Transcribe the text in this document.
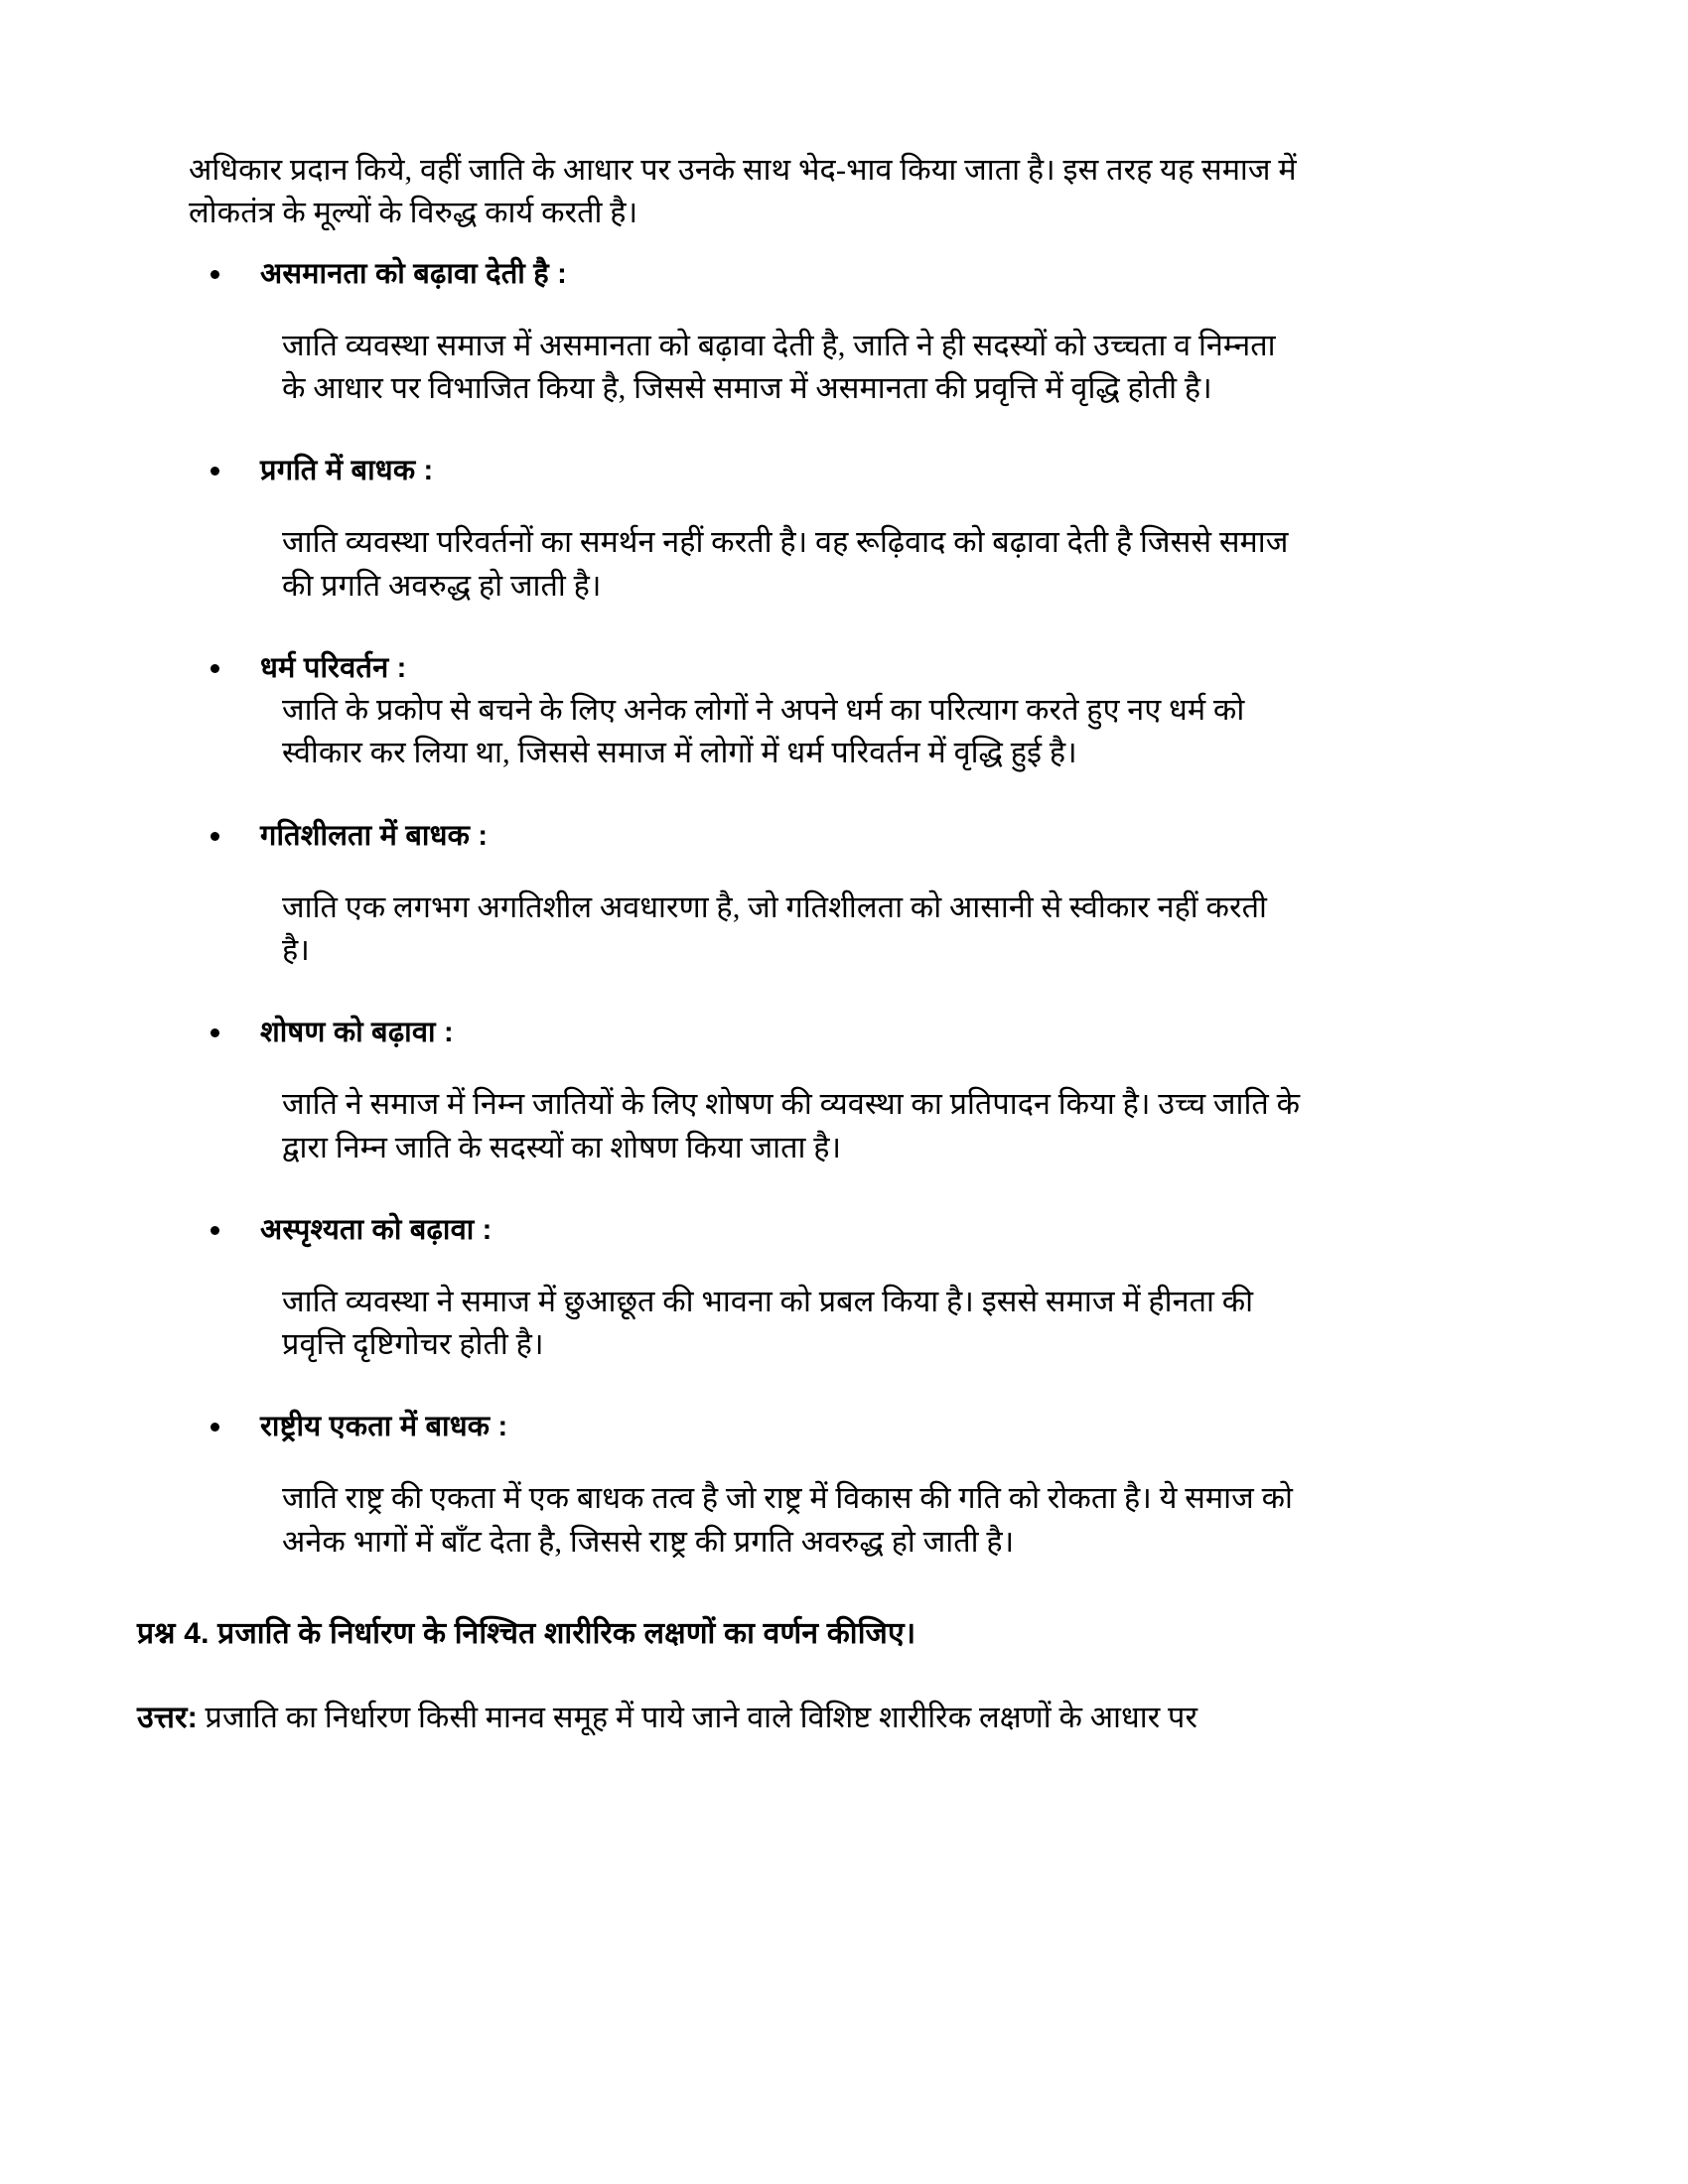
अधिकार प्रदान किये, वहीं जाति के आधार पर उनके साथ भेद-भाव किया जाता है। इस तरह यह समाज में लोकतंत्र के मूल्यों के विरुद्ध कार्य करती है।

असमानता को बढ़ावा देती है :

जाति व्यवस्था समाज में असमानता को बढ़ावा देती है, जाति ने ही सदस्यों को उच्चता व निम्नता के आधार पर विभाजित किया है, जिससे समाज में असमानता की प्रवृत्ति में वृद्धि होती है।

प्रगति में बाधक :

जाति व्यवस्था परिवर्तनों का समर्थन नहीं करती है। वह रूढ़िवाद को बढ़ावा देती है जिससे समाज की प्रगति अवरुद्ध हो जाती है।

धर्म परिवर्तन :

जाति के प्रकोप से बचने के लिए अनेक लोगों ने अपने धर्म का परित्याग करते हुए नए धर्म को स्वीकार कर लिया था, जिससे समाज में लोगों में धर्म परिवर्तन में वृद्धि हुई है।

गतिशीलता में बाधक :

जाति एक लगभग अगतिशील अवधारणा है, जो गतिशीलता को आसानी से स्वीकार नहीं करती है।

शोषण को बढ़ावा :

जाति ने समाज में निम्न जातियों के लिए शोषण की व्यवस्था का प्रतिपादन किया है। उच्च जाति के द्वारा निम्न जाति के सदस्यों का शोषण किया जाता है।

अस्पृश्यता को बढ़ावा :

जाति व्यवस्था ने समाज में छुआछूत की भावना को प्रबल किया है। इससे समाज में हीनता की प्रवृत्ति दृष्टिगोचर होती है।

राष्ट्रीय एकता में बाधक :

जाति राष्ट्र की एकता में एक बाधक तत्व है जो राष्ट्र में विकास की गति को रोकता है। ये समाज को अनेक भागों में बाँट देता है, जिससे राष्ट्र की प्रगति अवरुद्ध हो जाती है।

प्रश्न 4. प्रजाति के निर्धारण के निश्चित शारीरिक लक्षणों का वर्णन कीजिए।

उत्तर: प्रजाति का निर्धारण किसी मानव समूह में पाये जाने वाले विशिष्ट शारीरिक लक्षणों के आधार पर
